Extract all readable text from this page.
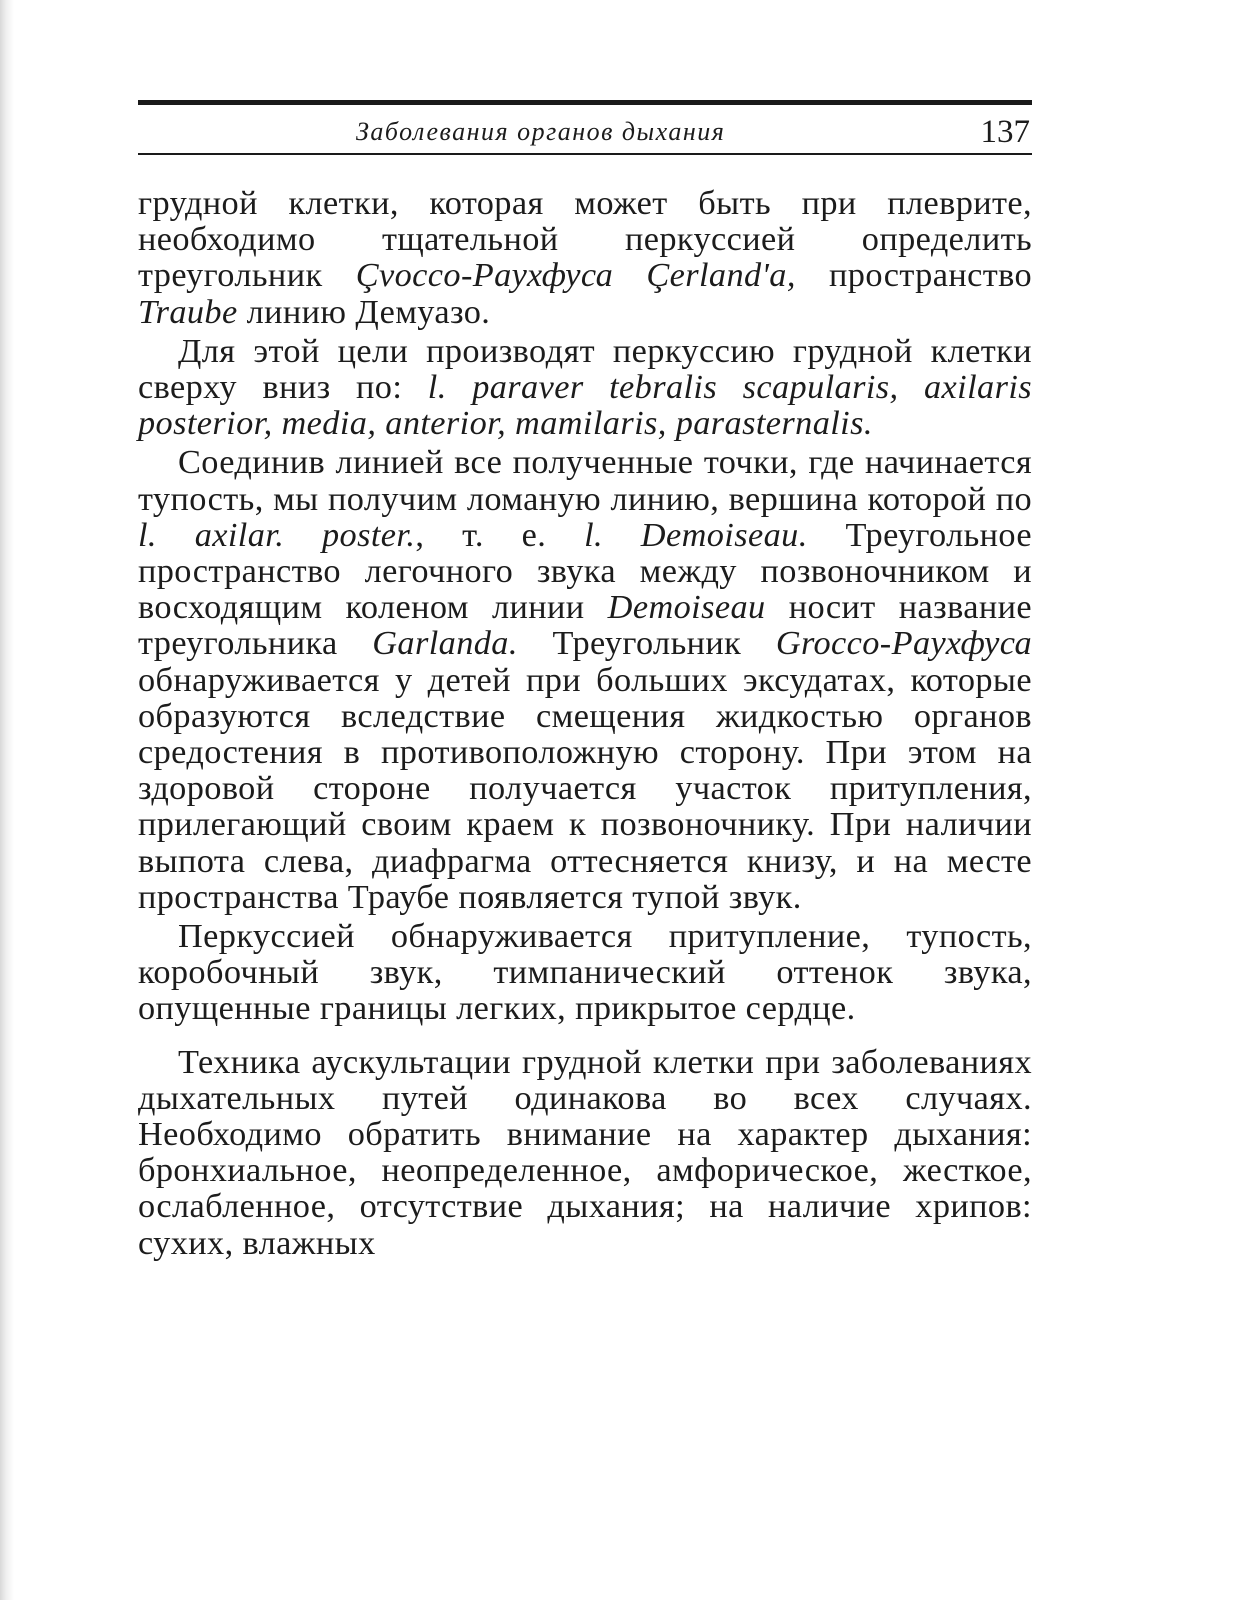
Заболевания органов дыхания	137

грудной клетки, которая может быть при плеврите, необходимо тщательной перкуссией определить треугольник Çvocco-Paухфуса Çerland'a, пространство Traube линию Демуазо.

Для этой цели производят перкуссию грудной клетки сверху вниз по: l. paraver tebralis scapularis, axilaris posterior, media, anterior, mamilaris, parasternalis.

Соединив линией все полученные точки, где начинается тупость, мы получим ломаную линию, вершина которой по l. axilar. poster., т. е. l. Demoiseau. Треугольное пространство легочного звука между позвоночником и восходящим коленом линии Demoiseau носит название треугольника Garlanda. Треугольник Grocco-Paухфуса обнаруживается у детей при больших эксудатах, которые образуются вследствие смещения жидкостью органов средостения в противоположную сторону. При этом на здоровой стороне получается участок притупления, прилегающий своим краем к позвоночнику. При наличии выпота слева, диафрагма оттесняется книзу, и на месте пространства Траубе появляется тупой звук.

Перкуссией обнаруживается притупление, тупость, коробочный звук, тимпанический оттенок звука, опущенные границы легких, прикрытое сердце.

Техника аускультации грудной клетки при заболеваниях дыхательных путей одинакова во всех случаях. Необходимо обратить внимание на характер дыхания: бронхиальное, неопределенное, амфорическое, жесткое, ослабленное, отсутствие дыхания; на наличие хрипов: сухих, влажных
